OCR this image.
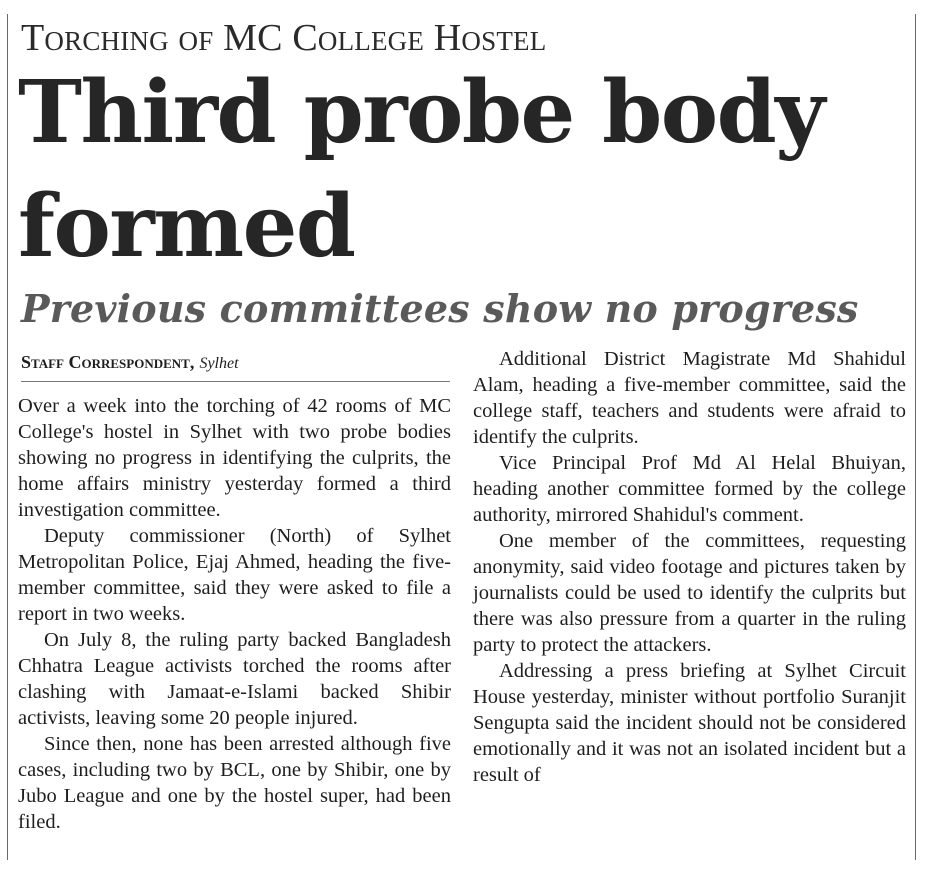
Torching of MC College Hostel
Third probe body formed
Previous committees show no progress
Staff Correspondent, Sylhet

Over a week into the torching of 42 rooms of MC College's hostel in Sylhet with two probe bodies showing no progress in identifying the culprits, the home affairs ministry yesterday formed a third investigation committee.

Deputy commissioner (North) of Sylhet Metropolitan Police, Ejaj Ahmed, heading the five-member committee, said they were asked to file a report in two weeks.

On July 8, the ruling party backed Bangladesh Chhatra League activists torched the rooms after clashing with Jamaat-e-Islami backed Shibir activists, leaving some 20 people injured.

Since then, none has been arrested although five cases, including two by BCL, one by Shibir, one by Jubo League and one by the hostel super, had been filed.

Additional District Magistrate Md Shahidul Alam, heading a five-member committee, said the college staff, teachers and students were afraid to identify the culprits.

Vice Principal Prof Md Al Helal Bhuiyan, heading another committee formed by the college authority, mirrored Shahidul's comment.

One member of the committees, requesting anonymity, said video footage and pictures taken by journalists could be used to identify the culprits but there was also pressure from a quarter in the ruling party to protect the attackers.

Addressing a press briefing at Sylhet Circuit House yesterday, minister without portfolio Suranjit Sengupta said the incident should not be considered emotionally and it was not an isolated incident but a result of
